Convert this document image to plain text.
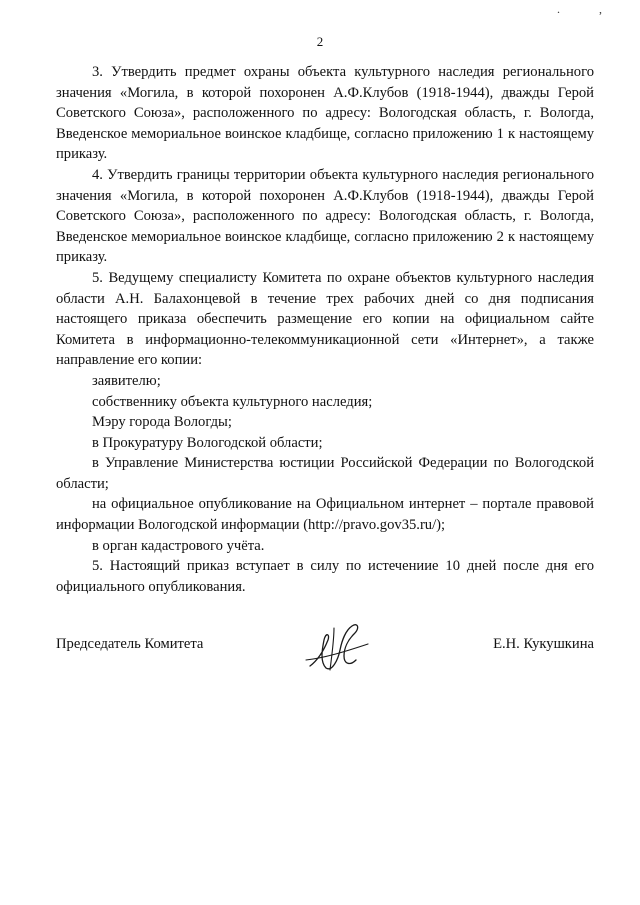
. ,
2

3. Утвердить предмет охраны объекта культурного наследия регионального значения «Могила, в которой похоронен А.Ф.Клубов (1918-1944), дважды Герой Советского Союза», расположенного по адресу: Вологодская область, г. Вологда, Введенское мемориальное воинское кладбище, согласно приложению 1 к настоящему приказу.

4. Утвердить границы территории объекта культурного наследия регионального значения «Могила, в которой похоронен А.Ф.Клубов (1918-1944), дважды Герой Советского Союза», расположенного по адресу: Вологодская область, г. Вологда, Введенское мемориальное воинское кладбище, согласно приложению 2 к настоящему приказу.

5. Ведущему специалисту Комитета по охране объектов культурного наследия области А.Н. Балахонцевой в течение трех рабочих дней со дня подписания настоящего приказа обеспечить размещение его копии на официальном сайте Комитета в информационно-телекоммуникационной сети «Интернет», а также направление его копии:

заявителю;

собственнику объекта культурного наследия;

Мэру города Вологды;

в Прокуратуру Вологодской области;

в Управление Министерства юстиции Российской Федерации по Вологодской области;

на официальное опубликование на Официальном интернет – портале правовой информации Вологодской информации (http://pravo.gov35.ru/);

в орган кадастрового учёта.

5. Настоящий приказ вступает в силу по истечениие 10 дней после дня его официального опубликования.

Председатель Комитета	Е.Н. Кукушкина
